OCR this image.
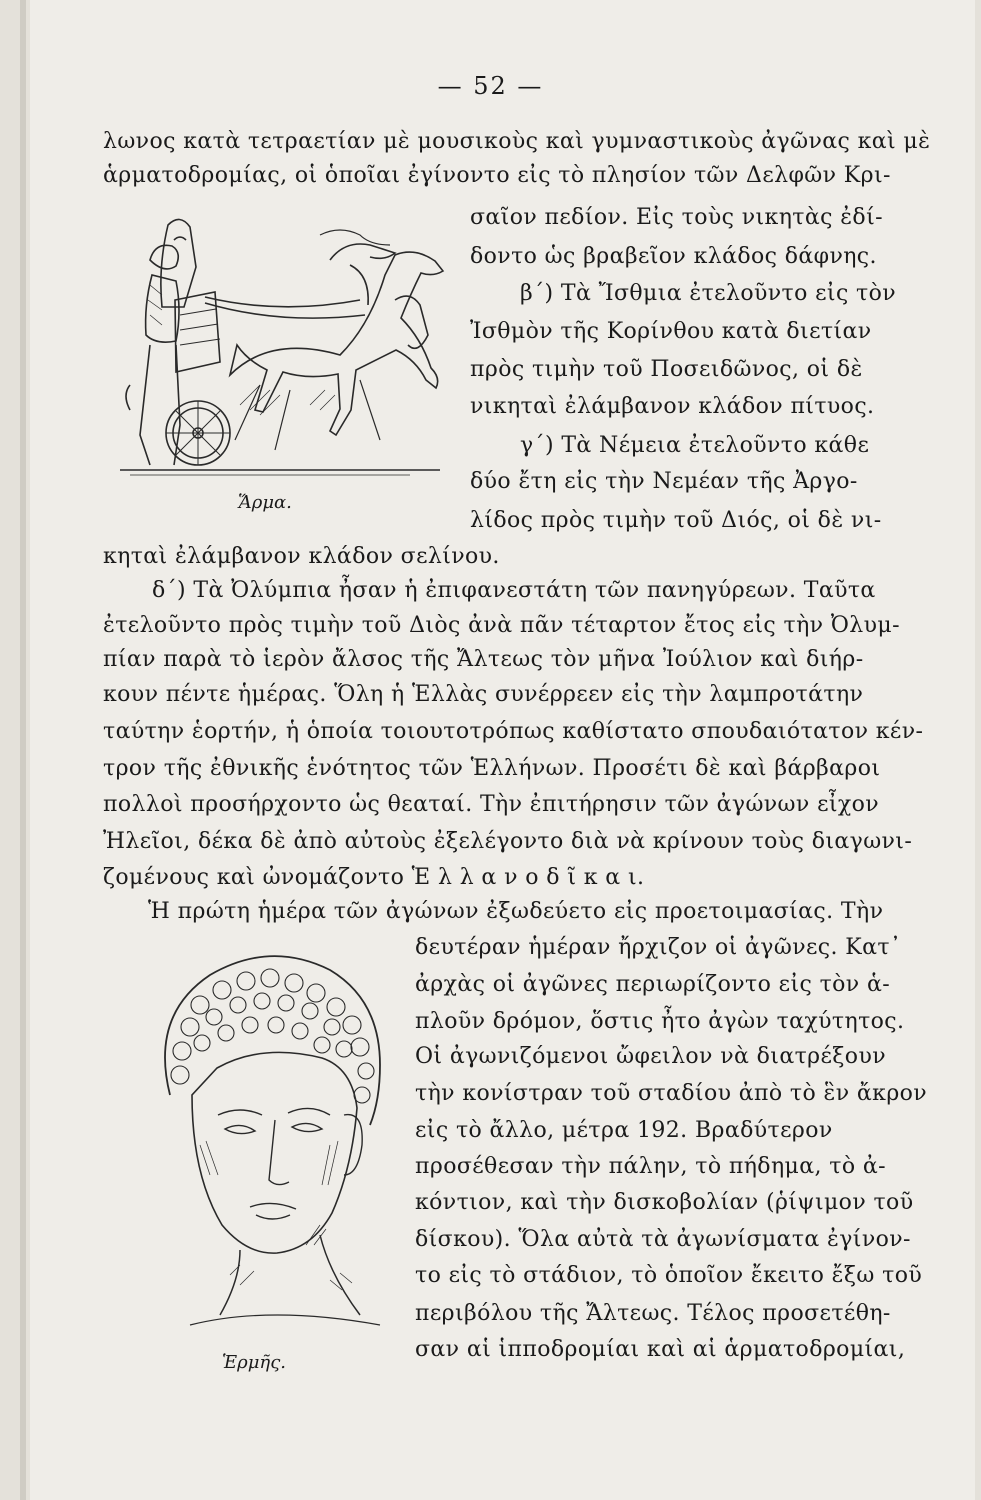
— 52 —
λωνος κατὰ τετραετίαν μὲ μουσικοὺς καὶ γυμναστικοὺς ἀγῶνας καὶ μὲ
ἁρματοδρομίας, οἱ ὁποῖαι ἐγίνοντο εἰς τὸ πλησίον τῶν Δελφῶν Κρι-
σαῖον πεδίον. Εἰς τοὺς νικητὰς ἐδί-
δοντο ὡς βραβεῖον κλάδος δάφνης.
β΄) Τὰ Ἴσθμια ἐτελοῦντο εἰς τὸν
Ἰσθμὸν τῆς Κορίνθου κατὰ διετίαν
πρὸς τιμὴν τοῦ Ποσειδῶνος, οἱ δὲ
νικηταὶ ἐλάμβανον κλάδον πίτυος.
γ΄) Τὰ Νέμεια ἐτελοῦντο κάθε
δύο ἔτη εἰς τὴν Νεμέαν τῆς Ἀργο-
λίδος πρὸς τιμὴν τοῦ Διός, οἱ δὲ νι-
κηταὶ ἐλάμβανον κλάδον σελίνου.
δ΄) Τὰ Ὀλύμπια ἦσαν ἡ ἐπιφανεστάτη τῶν πανηγύρεων. Ταῦτα
ἐτελοῦντο πρὸς τιμὴν τοῦ Διὸς ἀνὰ πᾶν τέταρτον ἔτος εἰς τὴν Ὀλυμ-
πίαν παρὰ τὸ ἱερὸν ἄλσος τῆς Ἄλτεως τὸν μῆνα Ἰούλιον καὶ διήρ-
κουν πέντε ἡμέρας. Ὅλη ἡ Ἑλλὰς συνέρρεεν εἰς τὴν λαμπροτάτην
ταύτην ἑορτήν, ἡ ὁποία τοιουτοτρόπως καθίστατο σπουδαιότατον κέν-
τρον τῆς ἐθνικῆς ἑνότητος τῶν Ἑλλήνων. Προσέτι δὲ καὶ βάρβαροι
πολλοὶ προσήρχοντο ὡς θεαταί. Τὴν ἐπιτήρησιν τῶν ἀγώνων εἶχον
Ἠλεῖοι, δέκα δὲ ἀπὸ αὐτοὺς ἐξελέγοντο διὰ νὰ κρίνουν τοὺς διαγωνι-
ζομένους καὶ ὠνομάζοντο Ἑ λ λ α ν ο δ ῖ κ α ι.
Ἡ πρώτη ἡμέρα τῶν ἀγώνων ἐξωδεύετο εἰς προετοιμασίας. Τὴν
δευτέραν ἡμέραν ἤρχιζον οἱ ἀγῶνες. Κατ᾿
ἀρχὰς οἱ ἀγῶνες περιωρίζοντο εἰς τὸν ἁ-
πλοῦν δρόμον, ὅστις ἦτο ἀγὼν ταχύτητος.
Οἱ ἀγωνιζόμενοι ὤφειλον νὰ διατρέξουν
τὴν κονίστραν τοῦ σταδίου ἀπὸ τὸ ἓν ἄκρον
εἰς τὸ ἄλλο, μέτρα 192. Βραδύτερον
προσέθεσαν τὴν πάλην, τὸ πήδημα, τὸ ἀ-
κόντιον, καὶ τὴν δισκοβολίαν (ῥίψιμον τοῦ
δίσκου). Ὅλα αὐτὰ τὰ ἀγωνίσματα ἐγίνον-
το εἰς τὸ στάδιον, τὸ ὁποῖον ἔκειτο ἔξω τοῦ
περιβόλου τῆς Ἄλτεως. Τέλος προσετέθη-
σαν αἱ ἱπποδρομίαι καὶ αἱ ἁρματοδρομίαι,
Ἅρμα.
Ἑρμῆς.
